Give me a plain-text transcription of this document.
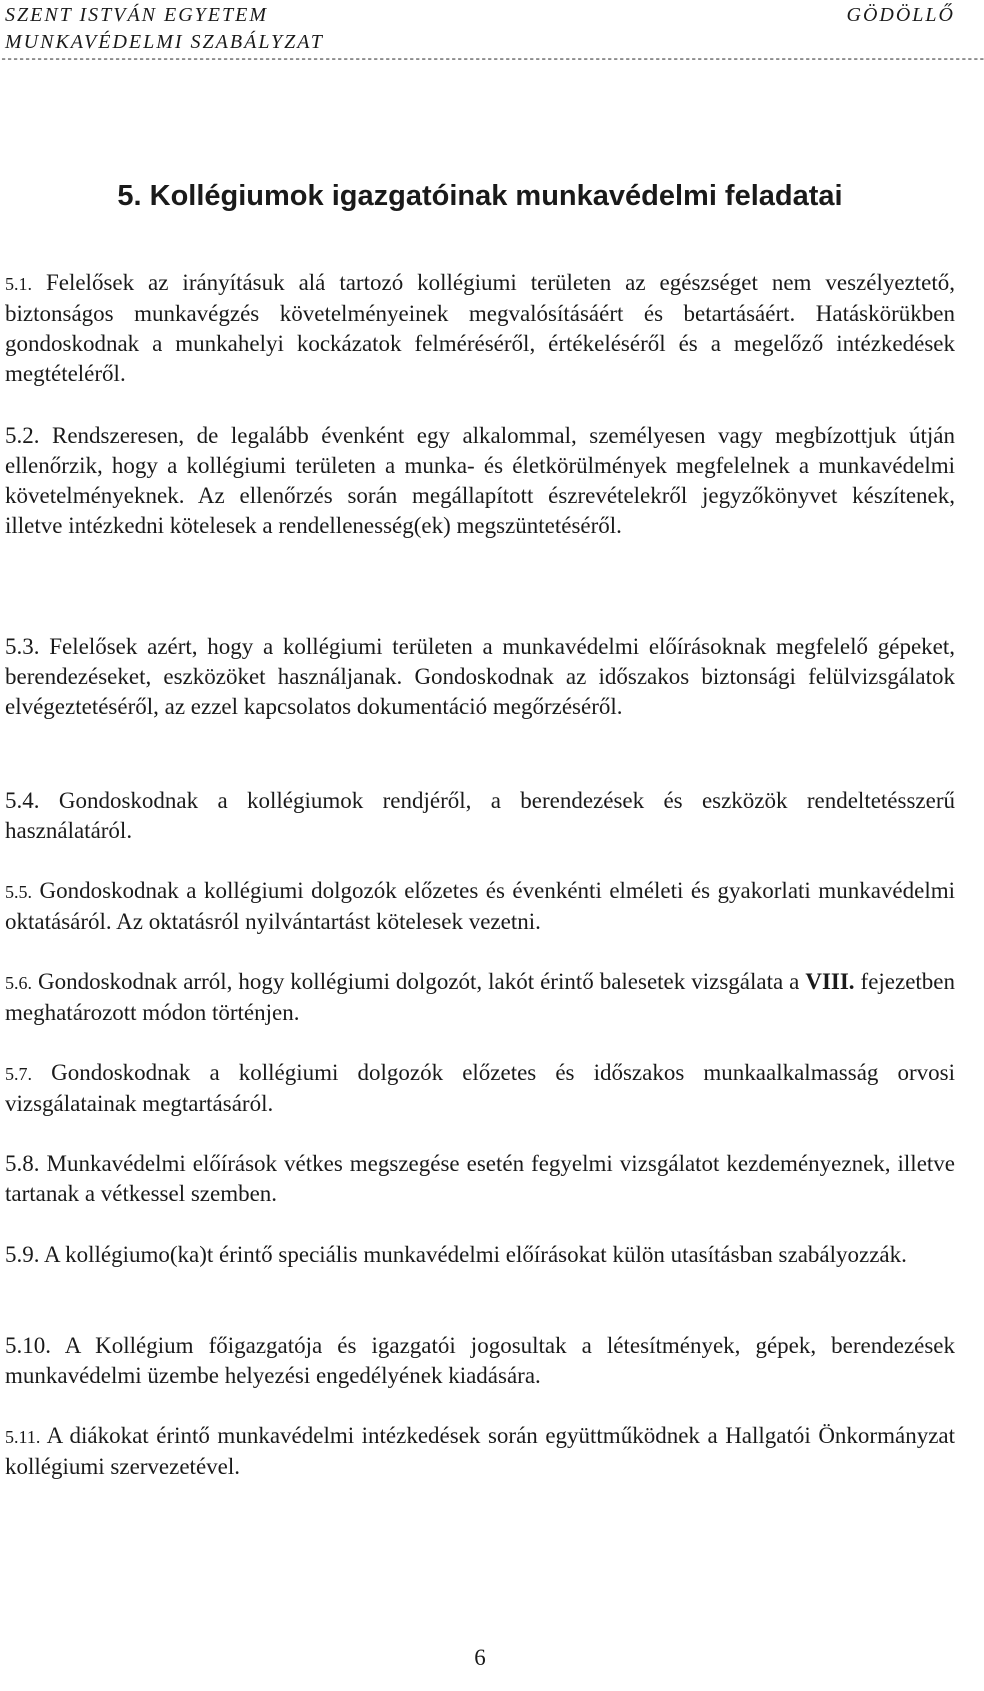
SZENT ISTVÁN EGYETEM	GÖDÖLLŐ
MUNKAVÉDELMI SZABÁLYZAT
--------------------------------------------------------------------------------------------------------------------------------------------------------------------
5. Kollégiumok igazgatóinak munkavédelmi feladatai
5.1. Felelősek az irányításuk alá tartozó kollégiumi területen az egészséget nem veszélyeztető, biztonságos munkavégzés követelményeinek megvalósításáért és betartásáért. Hatáskörükben gondoskodnak a munkahelyi kockázatok felméréséről, értékeléséről és a megelőző intézkedések megtételéről.
5.2. Rendszeresen, de legalább évenként egy alkalommal, személyesen vagy megbízottjuk útján ellenőrzik, hogy a kollégiumi területen a munka- és életkörülmények megfelelnek a munkavédelmi követelményeknek. Az ellenőrzés során megállapított észrevételekről jegyzőkönyvet készítenek, illetve intézkedni kötelesek a rendellenesség(ek) megszüntetéséről.
5.3. Felelősek azért, hogy a kollégiumi területen a munkavédelmi előírásoknak megfelelő gépeket, berendezéseket, eszközöket használjanak. Gondoskodnak az időszakos biztonsági felülvizsgálatok elvégeztetéséről, az ezzel kapcsolatos dokumentáció megőrzéséről.
5.4. Gondoskodnak a kollégiumok rendjéről, a berendezések és eszközök rendeltetésszerű használatáról.
5.5. Gondoskodnak a kollégiumi dolgozók előzetes és évenkénti elméleti és gyakorlati munkavédelmi oktatásáról. Az oktatásról nyilvántartást kötelesek vezetni.
5.6. Gondoskodnak arról, hogy kollégiumi dolgozót, lakót érintő balesetek vizsgálata a VIII. fejezetben meghatározott módon történjen.
5.7. Gondoskodnak a kollégiumi dolgozók előzetes és időszakos munkaalkalmasság orvosi vizsgálatainak megtartásáról.
5.8. Munkavédelmi előírások vétkes megszegése esetén fegyelmi vizsgálatot kezdeményeznek, illetve tartanak a vétkessel szemben.
5.9. A kollégiumo(ka)t érintő speciális munkavédelmi előírásokat külön utasításban szabályozzák.
5.10. A Kollégium főigazgatója és igazgatói jogosultak a létesítmények, gépek, berendezések munkavédelmi üzembe helyezési engedélyének kiadására.
5.11. A diákokat érintő munkavédelmi intézkedések során együttműködnek a Hallgatói Önkormányzat kollégiumi szervezetével.
6
